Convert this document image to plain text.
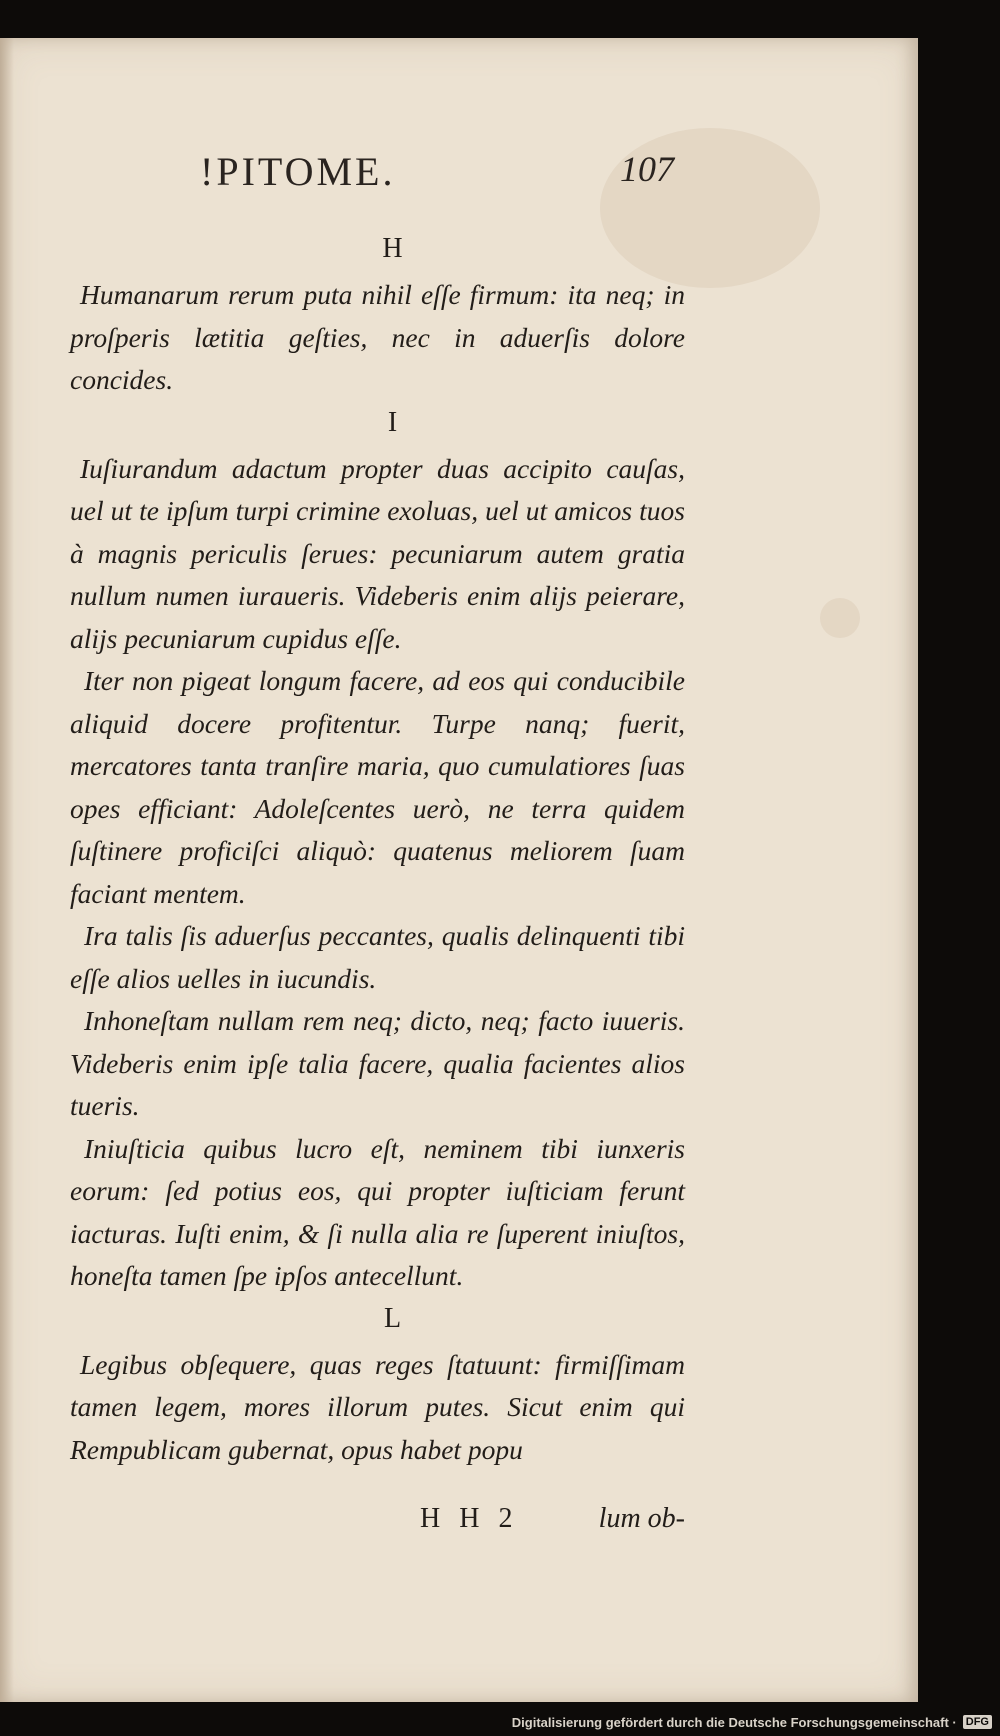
!PITOME.	107
H

Humanarum rerum puta nihil eſſe firmum: ita neq; in proſperis lætitia geſties, nec in aduerſis dolore concides.

I

Iuſiurandum adactum propter duas accipito cauſas, uel ut te ipſum turpi crimine exoluas, uel ut amicos tuos à magnis periculis ſerues: pecuniarum autem gratia nullum numen iuraueris. Videberis enim alijs peierare, alijs pecuniarum cupidus eſſe.

Iter non pigeat longum facere, ad eos qui conducibile aliquid docere profitentur. Turpe nanq; fuerit, mercatores tanta tranſire maria, quo cumulatiores ſuas opes efficiant: Adoleſcentes uerò, ne terra quidem ſuſtinere proficiſci aliquò: quatenus meliorem ſuam faciant mentem.

Ira talis ſis aduerſus peccantes, qualis delinquenti tibi eſſe alios uelles in iucundis.

Inhoneſtam nullam rem neq; dicto, neq; facto iuueris. Videberis enim ipſe talia facere, qualia facientes alios tueris.

Iniuſticia quibus lucro eſt, neminem tibi iunxeris eorum: ſed potius eos, qui propter iuſticiam ferunt iacturas. Iuſti enim, & ſi nulla alia re ſuperent iniuſtos, honeſta tamen ſpe ipſos antecellunt.

L

Legibus obſequere, quas reges ſtatuunt: firmiſſimam tamen legem, mores illorum putes. Sicut enim qui Rempublicam gubernat, opus habet popu

H H 2	lum ob-
Digitalisierung gefördert durch die Deutsche Forschungsgemeinschaft · DFG
